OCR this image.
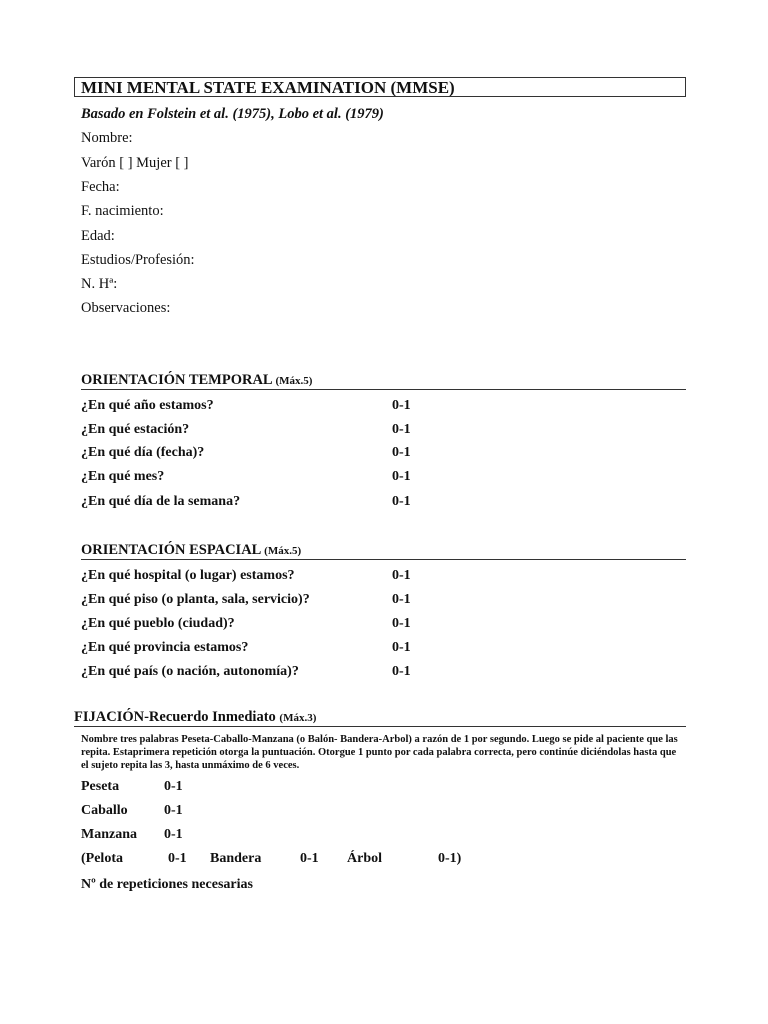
MINI MENTAL STATE EXAMINATION (MMSE)
Basado en Folstein et al. (1975), Lobo et al. (1979)
Nombre:
Varón [ ] Mujer [ ]
Fecha:
F. nacimiento:
Edad:
Estudios/Profesión:
N. Hª:
Observaciones:
ORIENTACIÓN TEMPORAL (Máx.5)
¿En qué año estamos?	0-1
¿En qué estación?	0-1
¿En qué día (fecha)?	0-1
¿En qué mes?	0-1
¿En qué día de la semana?	0-1
ORIENTACIÓN ESPACIAL (Máx.5)
¿En qué hospital (o lugar) estamos?	0-1
¿En qué piso (o planta, sala, servicio)?	0-1
¿En qué pueblo (ciudad)?	0-1
¿En qué provincia estamos?	0-1
¿En qué país (o nación, autonomía)?	0-1
FIJACIÓN-Recuerdo Inmediato (Máx.3)
Nombre tres palabras Peseta-Caballo-Manzana (o Balón- Bandera-Arbol) a razón de 1 por segundo. Luego se pide al paciente que las repita. Estaprimera repetición otorga la puntuación. Otorgue 1 punto por cada palabra correcta, pero continúe diciéndolas hasta que el sujeto repita las 3, hasta unmáximo de 6 veces.
Peseta	0-1
Caballo	0-1
Manzana 0-1
(Pelota	0-1 Bandera	0-1 Árbol	0-1)
Nº de repeticiones necesarias
